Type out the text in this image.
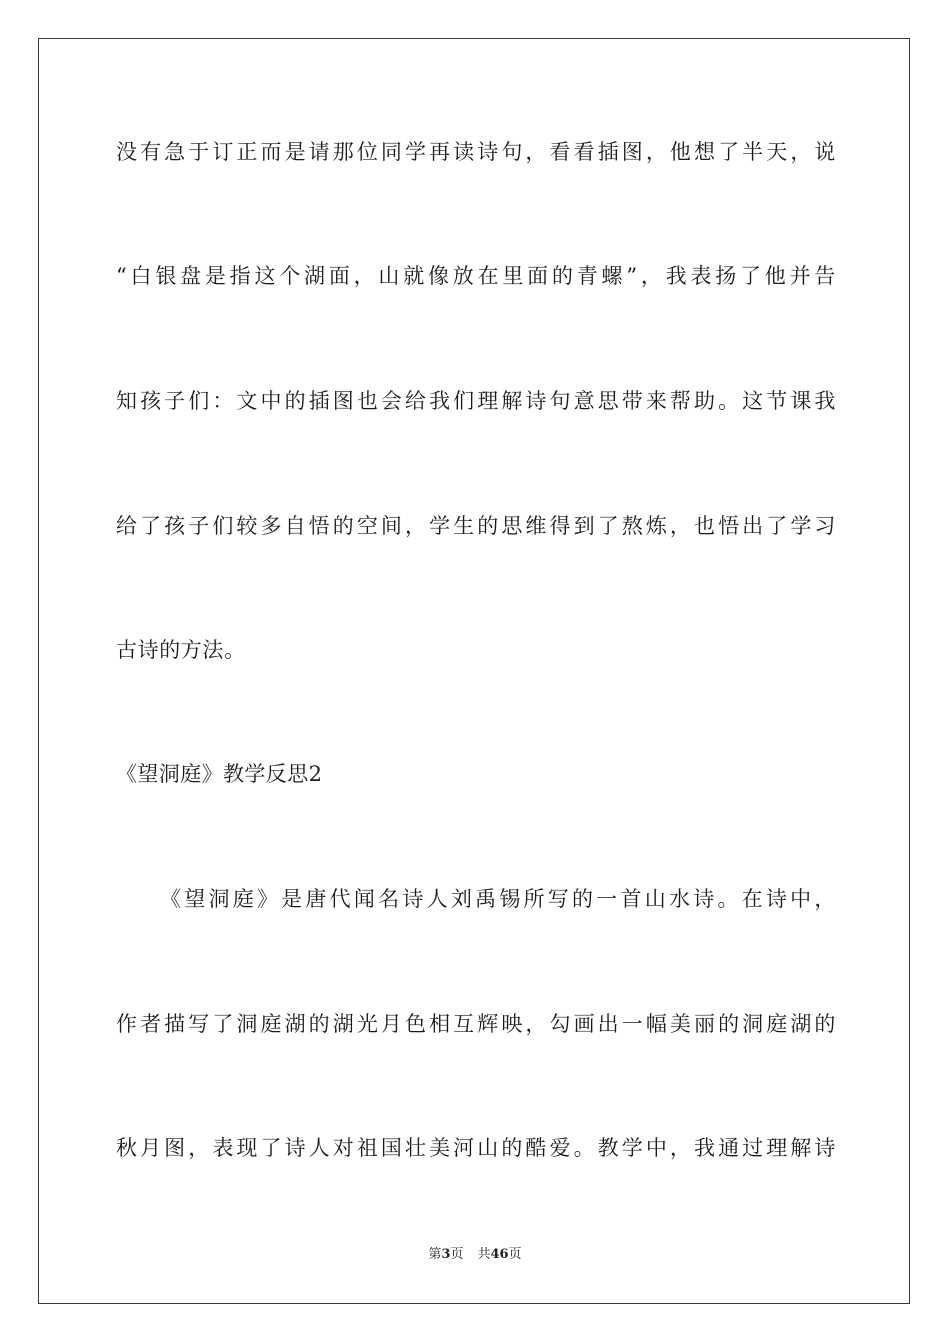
没有急于订正而是请那位同学再读诗句，看看插图，他想了半天，说
“白银盘是指这个湖面，山就像放在里面的青螺”，我表扬了他并告
知孩子们：文中的插图也会给我们理解诗句意思带来帮助。这节课我
给了孩子们较多自悟的空间，学生的思维得到了熬炼，也悟出了学习
古诗的方法。
《望洞庭》教学反思2
《望洞庭》是唐代闻名诗人刘禹锡所写的一首山水诗。在诗中，
作者描写了洞庭湖的湖光月色相互辉映，勾画出一幅美丽的洞庭湖的
秋月图，表现了诗人对祖国壮美河山的酷爱。教学中，我通过理解诗
第3页 共46页
